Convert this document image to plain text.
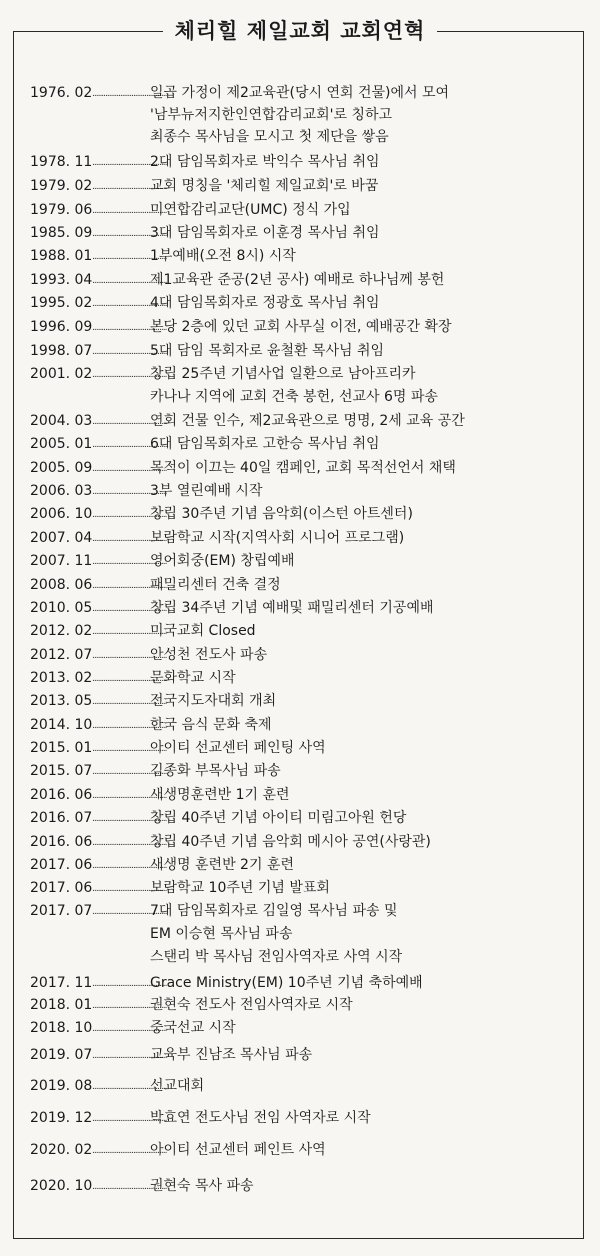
체리힐 제일교회 교회연혁
1976. 02 ........................................
일곱 가정이 제2교육관(당시 연회 건물)에서 모여
'남부뉴저지한인연합감리교회'로 칭하고
최종수 목사님을 모시고 첫 제단을 쌓음
1978. 11 ........................................
2대 담임목회자로 박익수 목사님 취임
1979. 02 ........................................
교회 명칭을 '체리힐 제일교회'로 바꿈
1979. 06 ........................................
미연합감리교단(UMC) 정식 가입
1985. 09 ........................................
3대 담임목회자로 이훈경 목사님 취임
1988. 01 ........................................
1부예배(오전 8시) 시작
1993. 04 ........................................
제1교육관 준공(2년 공사) 예배로 하나님께 봉헌
1995. 02 ........................................
4대 담임목회자로 정광호 목사님 취임
1996. 09 ........................................
본당 2층에 있던 교회 사무실 이전, 예배공간 확장
1998. 07 ........................................
5대 담임 목회자로 윤철환 목사님 취임
2001. 02 ........................................
창립 25주년 기념사업 일환으로 남아프리카
카나나 지역에 교회 건축 봉헌, 선교사 6명 파송
2004. 03 ........................................
연회 건물 인수, 제2교육관으로 명명, 2세 교육 공간
2005. 01 ........................................
6대 담임목회자로 고한승 목사님 취임
2005. 09 ........................................
목적이 이끄는 40일 캠페인, 교회 목적선언서 채택
2006. 03 ........................................
3부 열린예배 시작
2006. 10 ........................................
창립 30주년 기념 음악회(이스턴 아트센터)
2007. 04 ........................................
보람학교 시작(지역사회 시니어 프로그램)
2007. 11 ........................................
영어회중(EM) 창립예배
2008. 06 ........................................
패밀리센터 건축 결정
2010. 05 ........................................
창립 34주년 기념 예배및 패밀리센터 기공예배
2012. 02 ........................................
미국교회 Closed
2012. 07 ........................................
안성천 전도사 파송
2013. 02 ........................................
문화학교 시작
2013. 05 ........................................
전국지도자대회 개최
2014. 10 ........................................
한국 음식 문화 축제
2015. 01 ........................................
아이티 선교센터 페인팅 사역
2015. 07 ........................................
김종화 부목사님 파송
2016. 06 ........................................
새생명훈련반 1기 훈련
2016. 07 ........................................
창립 40주년 기념 아이티 미림고아원 헌당
2016. 06 ........................................
창립 40주년 기념 음악회 메시아 공연(사랑관)
2017. 06 ........................................
새생명 훈련반 2기 훈련
2017. 06 ........................................
보람학교 10주년 기념 발표회
2017. 07 ........................................
7대 담임목회자로 김일영 목사님 파송 및
EM 이승현 목사님 파송
스탠리 박 목사님 전임사역자로 사역 시작
2017. 11 ........................................
Grace Ministry(EM) 10주년 기념 축하예배
2018. 01 ........................................
권현숙 전도사 전임사역자로 시작
2018. 10 ........................................
중국선교 시작
2019. 07 ........................................
교육부 진남조 목사님 파송
2019. 08 ........................................
선교대회
2019. 12 ........................................
박효연 전도사님 전임 사역자로 시작
2020. 02 ........................................
아이티 선교센터 페인트 사역
2020. 10 ........................................
권현숙 목사 파송
